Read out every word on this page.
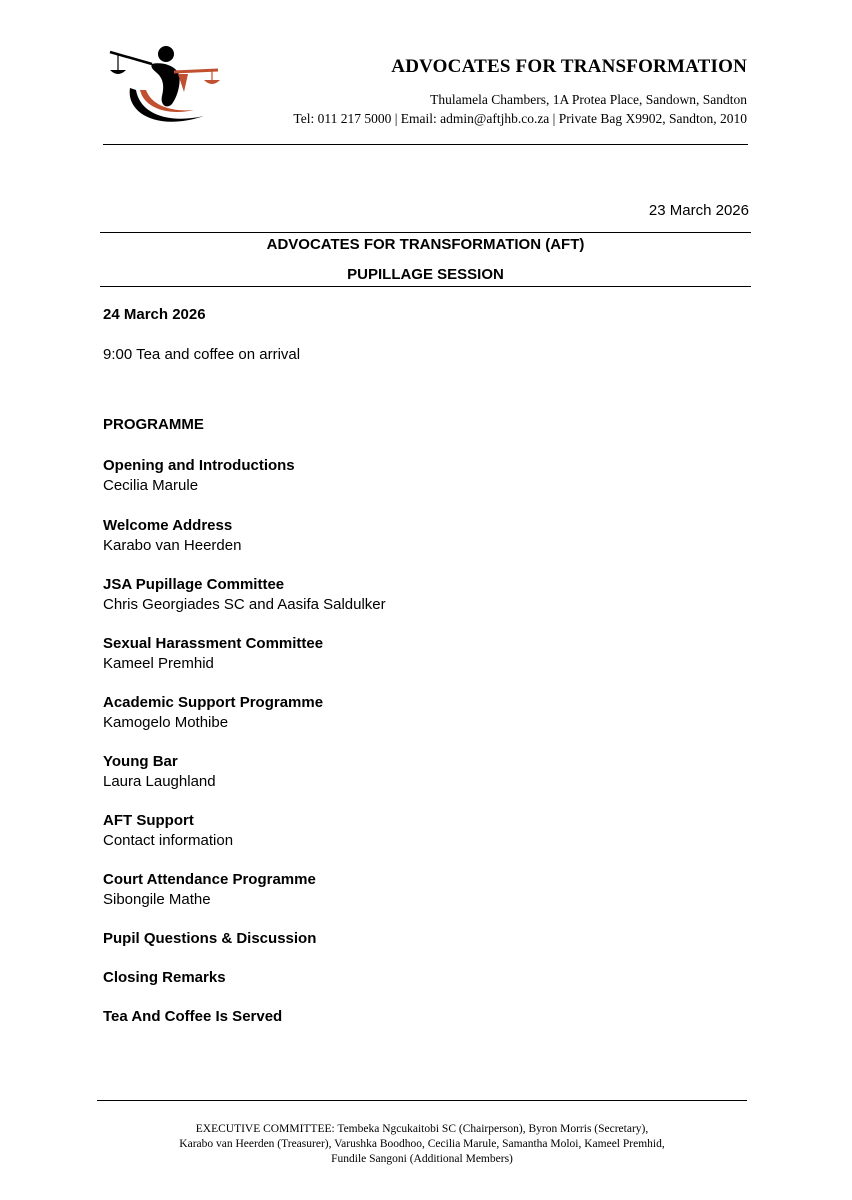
ADVOCATES FOR TRANSFORMATION
Thulamela Chambers, 1A Protea Place, Sandown, Sandton
Tel: 011 217 5000 | Email: admin@aftjhb.co.za | Private Bag X9902, Sandton, 2010
23 March 2026
ADVOCATES FOR TRANSFORMATION (AFT)
PUPILLAGE SESSION
24 March 2026
9:00 Tea and coffee on arrival
PROGRAMME
Opening and Introductions
Cecilia Marule
Welcome Address
Karabo van Heerden
JSA Pupillage Committee
Chris Georgiades SC and Aasifa Saldulker
Sexual Harassment Committee
Kameel Premhid
Academic Support Programme
Kamogelo Mothibe
Young Bar
Laura Laughland
AFT Support
Contact information
Court Attendance Programme
Sibongile Mathe
Pupil Questions & Discussion
Closing Remarks
Tea And Coffee Is Served
EXECUTIVE COMMITTEE: Tembeka Ngcukaitobi SC (Chairperson), Byron Morris (Secretary),
Karabo van Heerden (Treasurer), Varushka Boodhoo, Cecilia Marule, Samantha Moloi, Kameel Premhid,
Fundile Sangoni (Additional Members)
